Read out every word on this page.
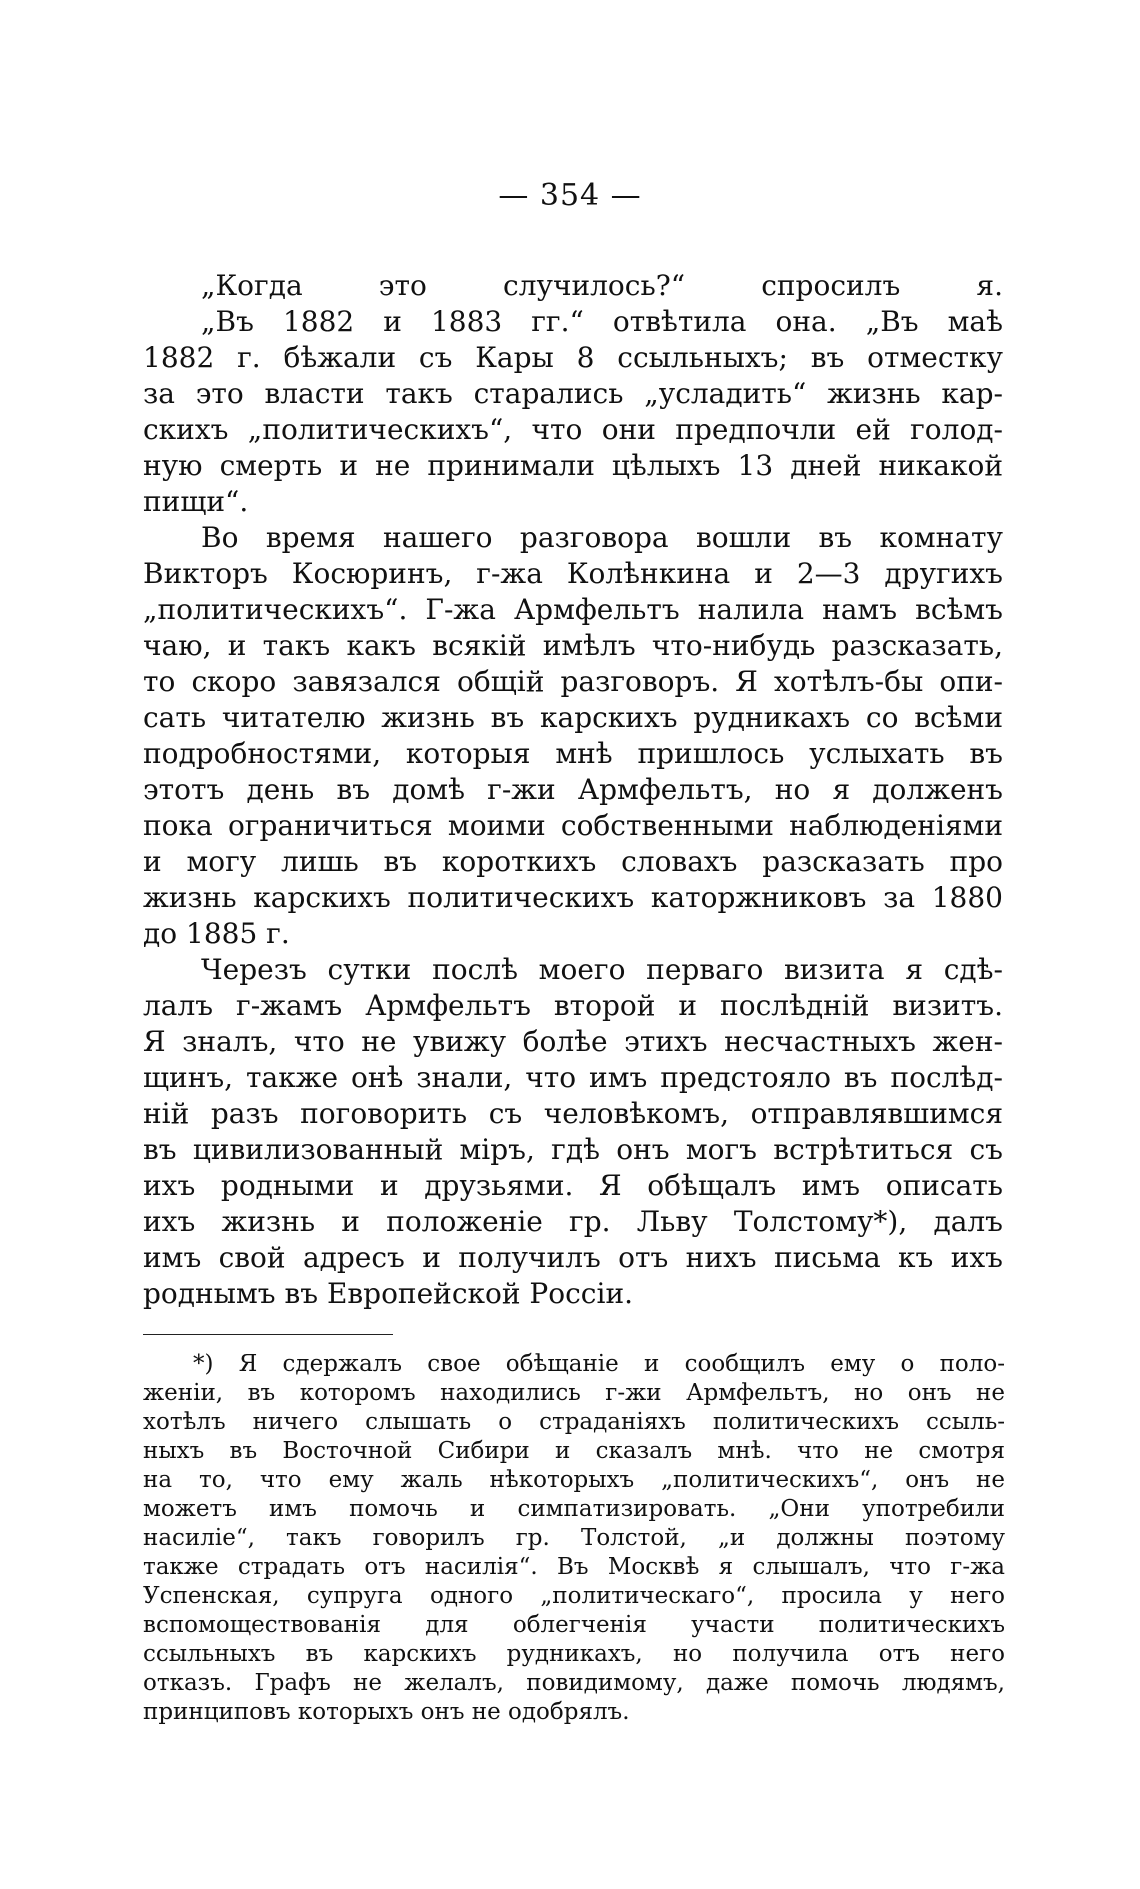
— 354 —
„Когда это случилось?“ спросилъ я.
„Въ 1882 и 1883 гг.“ отвѣтила она. „Въ маѣ
1882 г. бѣжали съ Кары 8 ссыльныхъ; въ отместку
за это власти такъ старались „усладить“ жизнь кар-
скихъ „политическихъ“, что они предпочли ей голод-
ную смерть и не принимали цѣлыхъ 13 дней никакой
пищи“.
Во время нашего разговора вошли въ комнату
Викторъ Косюринъ, г-жа Колѣнкина и 2—3 другихъ
„политическихъ“. Г-жа Армфельтъ налила намъ всѣмъ
чаю, и такъ какъ всякій имѣлъ что-нибудь разсказать,
то скоро завязался общій разговоръ. Я хотѣлъ-бы опи-
сать читателю жизнь въ карскихъ рудникахъ со всѣми
подробностями, которыя мнѣ пришлось услыхать въ
этотъ день въ домѣ г-жи Армфельтъ, но я долженъ
пока ограничиться моими собственными наблюденіями
и могу лишь въ короткихъ словахъ разсказать про
жизнь карскихъ политическихъ каторжниковъ за 1880
до 1885 г.
Черезъ сутки послѣ моего перваго визита я сдѣ-
лалъ г-жамъ Армфельтъ второй и послѣдній визитъ.
Я зналъ, что не увижу болѣе этихъ несчастныхъ жен-
щинъ, также онѣ знали, что имъ предстояло въ послѣд-
ній разъ поговорить съ человѣкомъ, отправлявшимся
въ цивилизованный міръ, гдѣ онъ могъ встрѣтиться съ
ихъ родными и друзьями. Я обѣщалъ имъ описать
ихъ жизнь и положеніе гр. Льву Толстому*), далъ
имъ свой адресъ и получилъ отъ нихъ письма къ ихъ
роднымъ въ Европейской Россіи.
*) Я сдержалъ свое обѣщаніе и сообщилъ ему о поло-
женіи, въ которомъ находились г-жи Армфельтъ, но онъ не
хотѣлъ ничего слышать о страданіяхъ политическихъ ссыль-
ныхъ въ Восточной Сибири и сказалъ мнѣ. что не смотря
на то, что ему жаль нѣкоторыхъ „политическихъ“, онъ не
можетъ имъ помочь и симпатизировать. „Они употребили
насиліе“, такъ говорилъ гр. Толстой, „и должны поэтому
также страдать отъ насилія“. Въ Москвѣ я слышалъ, что г-жа
Успенская, супруга одного „политическаго“, просила у него
вспомоществованія для облегченія участи политическихъ
ссыльныхъ въ карскихъ рудникахъ, но получила отъ него
отказъ. Графъ не желалъ, повидимому, даже помочь людямъ,
принциповъ которыхъ онъ не одобрялъ.
